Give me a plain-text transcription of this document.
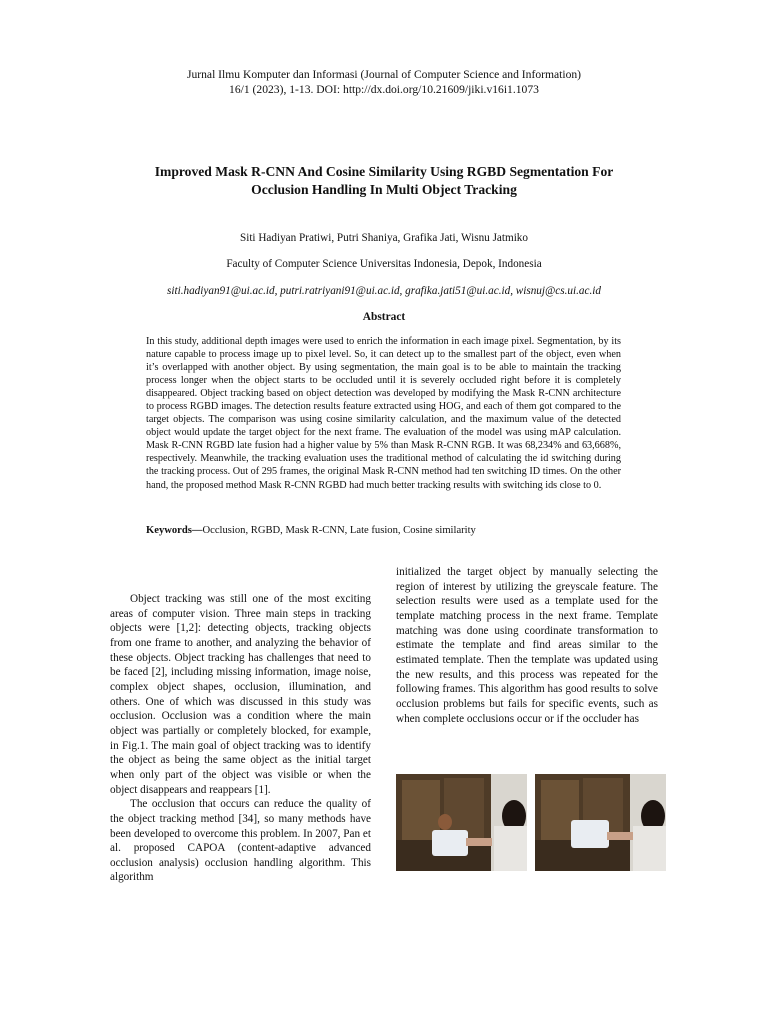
Jurnal Ilmu Komputer dan Informasi (Journal of Computer Science and Information)
16/1 (2023), 1-13. DOI: http://dx.doi.org/10.21609/jiki.v16i1.1073
Improved Mask R-CNN And Cosine Similarity Using RGBD Segmentation For
Occlusion Handling In Multi Object Tracking
Siti Hadiyan Pratiwi, Putri Shaniya, Grafika Jati, Wisnu Jatmiko
Faculty of Computer Science Universitas Indonesia, Depok, Indonesia
siti.hadiyan91@ui.ac.id, putri.ratriyani91@ui.ac.id, grafika.jati51@ui.ac.id, wisnuj@cs.ui.ac.id
Abstract

In this study, additional depth images were used to enrich the information in each image pixel. Segmentation, by its nature capable to process image up to pixel level. So, it can detect up to the smallest part of the object, even when it’s overlapped with another object. By using segmentation, the main goal is to be able to maintain the tracking process longer when the object starts to be occluded until it is severely occluded right before it is completely disappeared. Object tracking based on object detection was developed by modifying the Mask R-CNN architecture to process RGBD images. The detection results feature extracted using HOG, and each of them got compared to the target objects. The comparison was using cosine similarity calculation, and the maximum value of the detected object would update the target object for the next frame. The evaluation of the model was using mAP calculation. Mask R-CNN RGBD late fusion had a higher value by 5% than Mask R-CNN RGB. It was 68,234% and 63,668%, respectively. Meanwhile, the tracking evaluation uses the traditional method of calculating the id switching during the tracking process. Out of 295 frames, the original Mask R-CNN method had ten switching ID times. On the other hand, the proposed method Mask R-CNN RGBD had much better tracking results with switching ids close to 0.

Keywords—Occlusion, RGBD, Mask R-CNN, Late fusion, Cosine similarity

Object tracking was still one of the most exciting areas of computer vision. Three main steps in tracking objects were [1,2]: detecting objects, tracking objects from one frame to another, and analyzing the behavior of these objects. Object tracking has challenges that need to be faced [2], including missing information, image noise, complex object shapes, occlusion, illumination, and others. One of which was discussed in this study was occlusion. Occlusion was a condition where the main object was partially or completely blocked, for example, in Fig.1. The main goal of object tracking was to identify the object as being the same object as the initial target when only part of the object was visible or when the object disappears and reappears [1].

The occlusion that occurs can reduce the quality of the object tracking method [34], so many methods have been developed to overcome this problem. In 2007, Pan et al. proposed CAPOA (content-adaptive advanced occlusion analysis) occlusion handling algorithm. This algorithm

initialized the target object by manually selecting the region of interest by utilizing the greyscale feature. The selection results were used as a template used for the template matching process in the next frame. Template matching was done using coordinate transformation to estimate the template and find areas similar to the estimated template. Then the template was updated using the new results, and this process was repeated for the following frames. This algorithm has good results to solve occlusion problems but fails for specific events, such as when complete occlusions occur or if the occluder has
